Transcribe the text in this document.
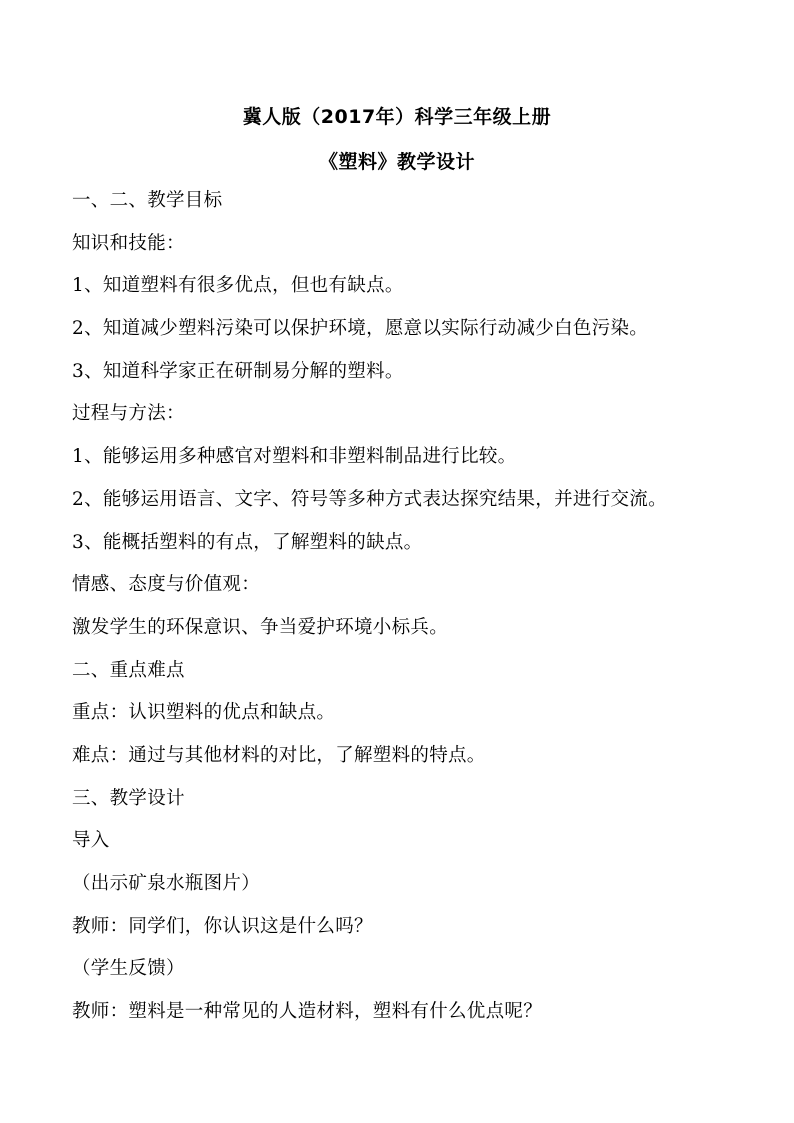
冀人版（2017年）科学三年级上册
《塑料》教学设计
一、二、教学目标
知识和技能：
1、知道塑料有很多优点，但也有缺点。
2、知道减少塑料污染可以保护环境，愿意以实际行动减少白色污染。
3、知道科学家正在研制易分解的塑料。
过程与方法：
1、能够运用多种感官对塑料和非塑料制品进行比较。
2、能够运用语言、文字、符号等多种方式表达探究结果，并进行交流。
3、能概括塑料的有点，了解塑料的缺点。
情感、态度与价值观：
激发学生的环保意识、争当爱护环境小标兵。
二、重点难点
重点：认识塑料的优点和缺点。
难点：通过与其他材料的对比，了解塑料的特点。
三、教学设计
导入
（出示矿泉水瓶图片）
教师：同学们，你认识这是什么吗？
（学生反馈）
教师：塑料是一种常见的人造材料，塑料有什么优点呢？
